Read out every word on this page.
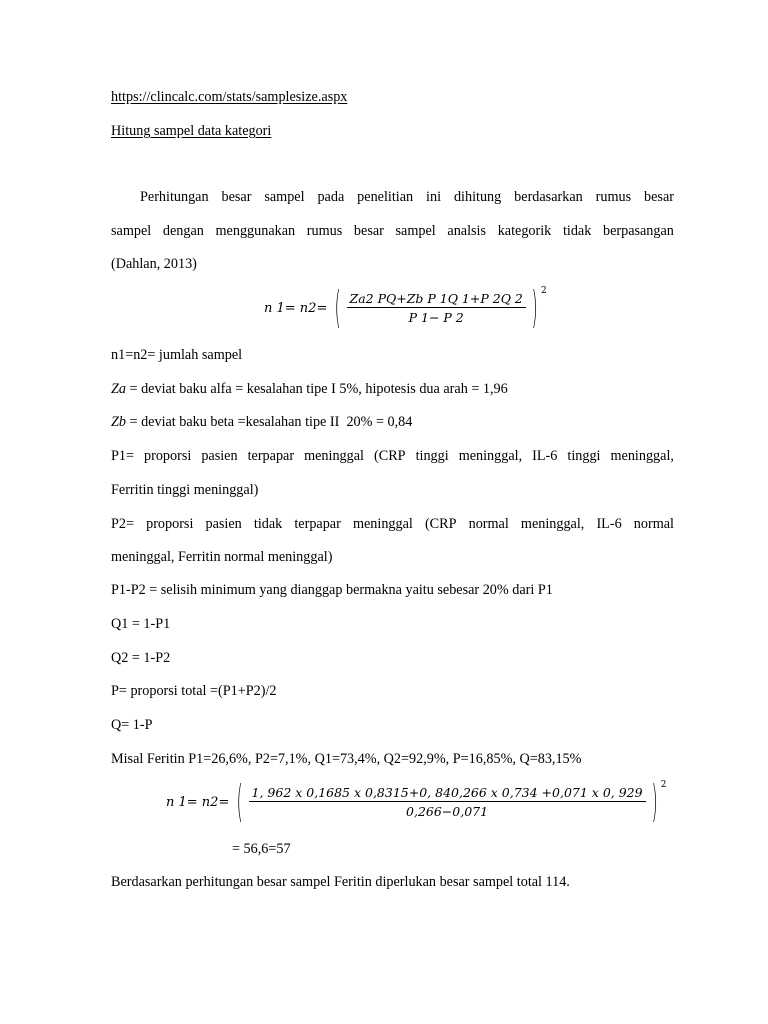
https://clincalc.com/stats/samplesize.aspx
Hitung sampel data kategori
Perhitungan besar sampel pada penelitian ini dihitung berdasarkan rumus besar
sampel dengan menggunakan rumus besar sampel analsis kategorik tidak berpasangan
(Dahlan, 2013)
n 1= n2= ( $\frac{\text{Za2 PQ+Zb P 1Q 1+P 2Q 2}}{P 1- P 2}$ ) 2
n1=n2= jumlah sampel
Za = deviat baku alfa = kesalahan tipe I 5%, hipotesis dua arah = 1,96
Zb = deviat baku beta =kesalahan tipe II  20% = 0,84
P1= proporsi pasien terpapar meninggal (CRP tinggi meninggal, IL-6 tinggi meninggal,
Ferritin tinggi meninggal)
P2= proporsi pasien tidak terpapar meninggal (CRP normal meninggal, IL-6 normal
meninggal, Ferritin normal meninggal)
P1-P2 = selisih minimum yang dianggap bermakna yaitu sebesar 20% dari P1
Q1 = 1-P1
Q2 = 1-P2
P= proporsi total =(P1+P2)/2
Q= 1-P
Misal Feritin P1=26,6%, P2=7,1%, Q1=73,4%, Q2=92,9%, P=16,85%, Q=83,15%
n 1= n2= ( $\frac{1, 962 x 0,1685 x 0,8315+0, 840,266 x 0,734 +0,071 x 0, 929}{0,266-0,071}$ ) 2
= 56,6=57
Berdasarkan perhitungan besar sampel Feritin diperlukan besar sampel total 114.
